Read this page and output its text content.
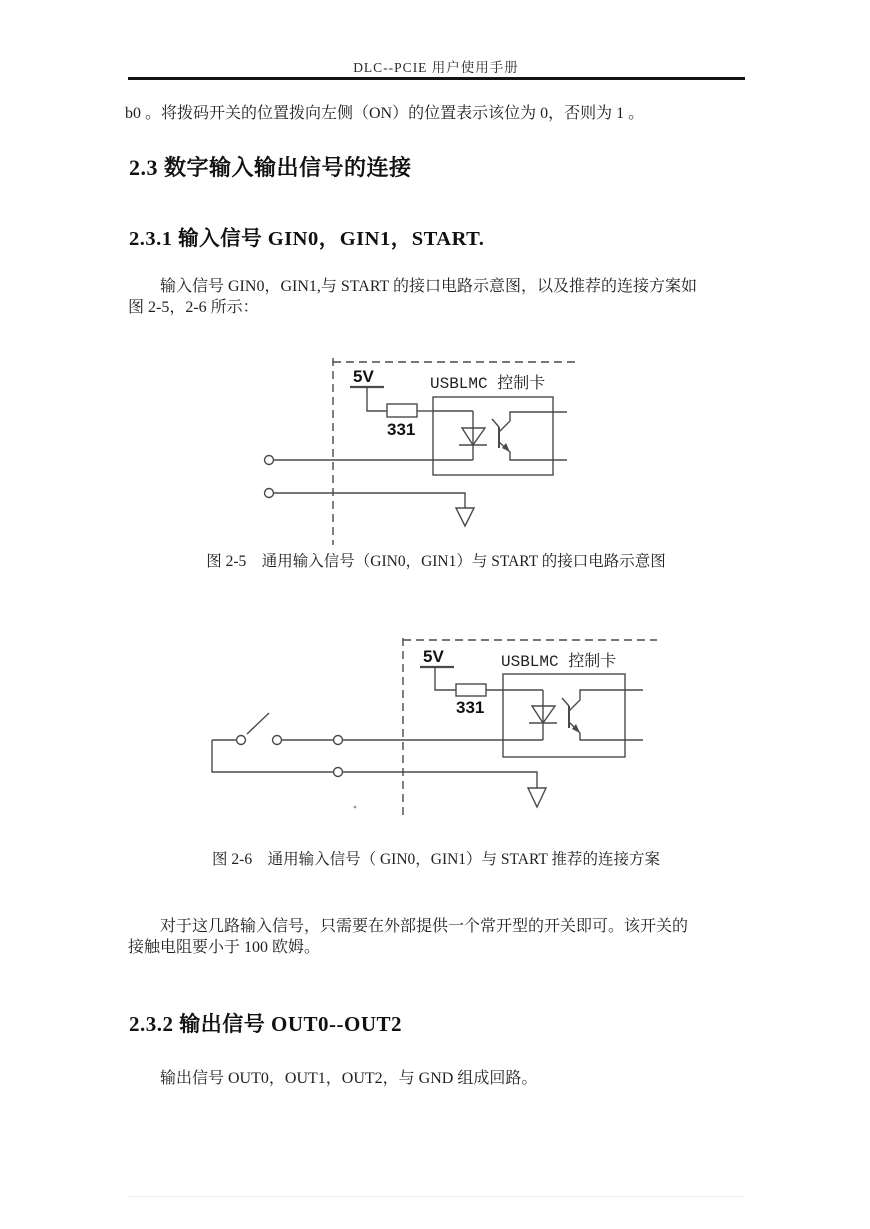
DLC--PCIE 用户使用手册
b0 。将拨码开关的位置拨向左侧（ON）的位置表示该位为 0，否则为 1 。
2.3 数字输入输出信号的连接
2.3.1 输入信号 GIN0，GIN1，START.
输入信号 GIN0，GIN1,与 START 的接口电路示意图，以及推荐的连接方案如
图 2-5，2-6 所示：
5V
331
USBLMC 控制卡
图 2-5　通用输入信号（GIN0，GIN1）与 START 的接口电路示意图
5V
331
USBLMC 控制卡
图 2-6　通用输入信号（ GIN0，GIN1）与 START 推荐的连接方案
对于这几路输入信号，只需要在外部提供一个常开型的开关即可。该开关的
接触电阻要小于 100 欧姆。
2.3.2 输出信号 OUT0--OUT2
输出信号 OUT0，OUT1，OUT2，与 GND 组成回路。
